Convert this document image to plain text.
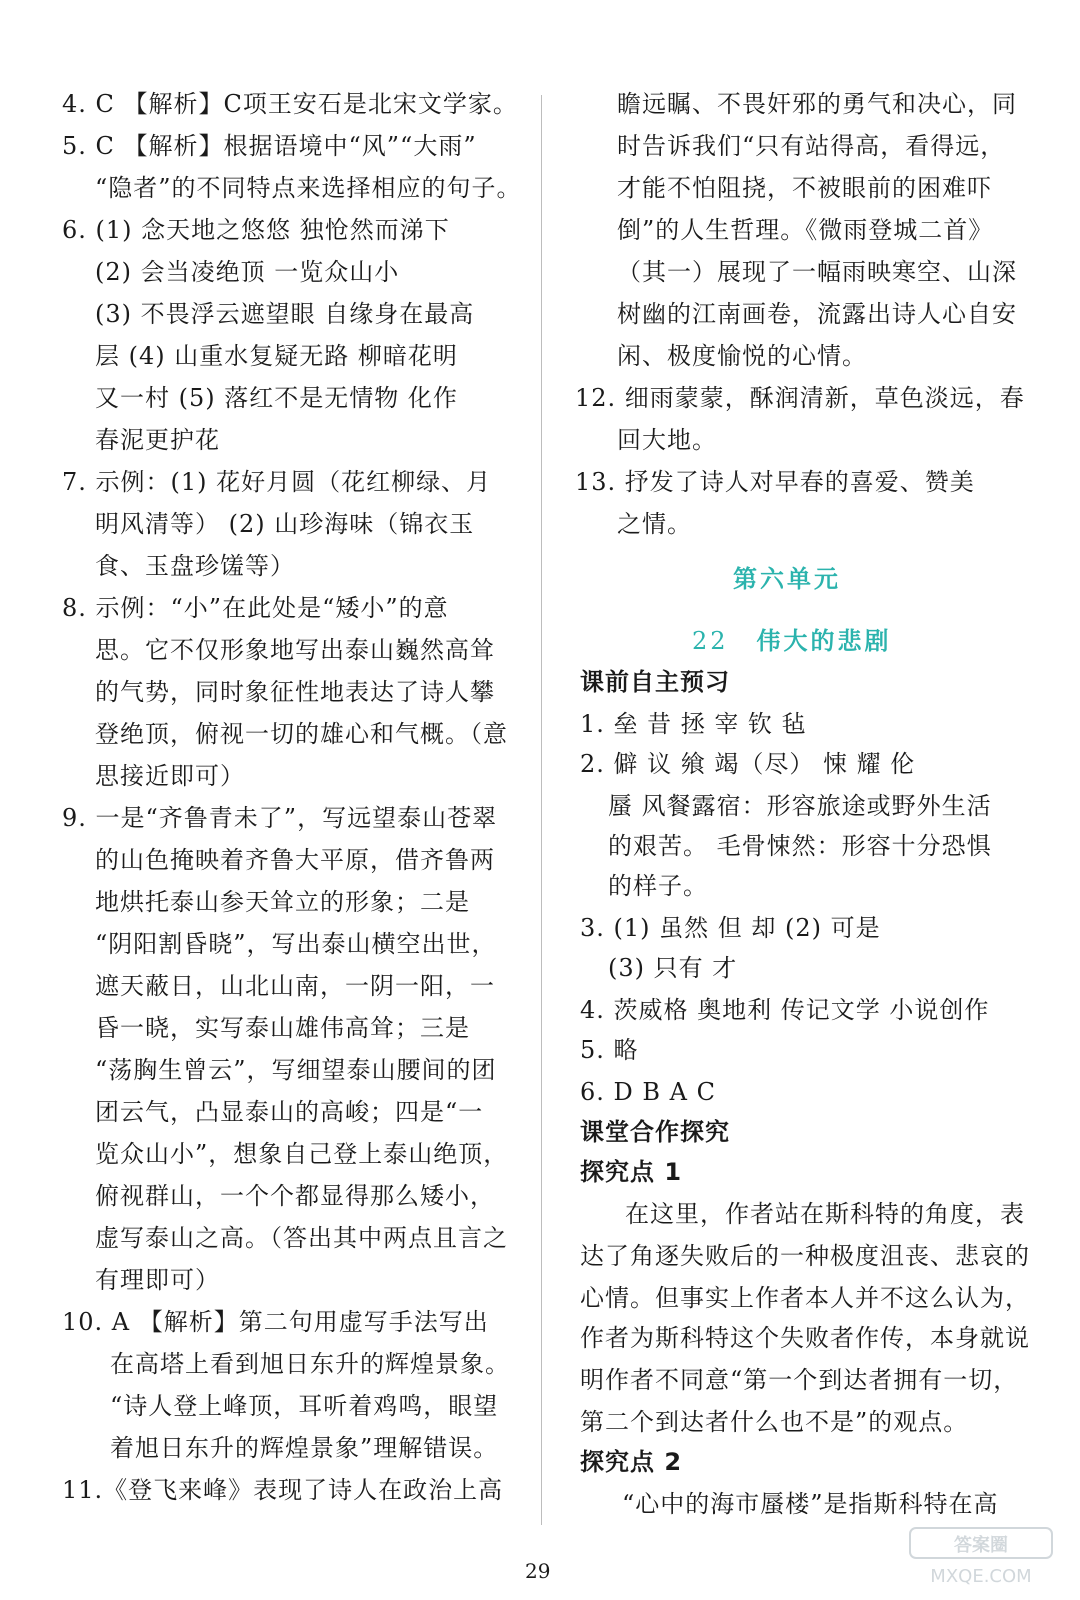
第六单元
22 伟大的悲剧
29
答案圈
MXQE.COM
4. C 【解析】C项王安石是北宋文学家。
5. C 【解析】根据语境中“风”“大雨”
“隐者”的不同特点来选择相应的句子。
6. (1) 念天地之悠悠 独怆然而涕下
(2) 会当凌绝顶 一览众山小
(3) 不畏浮云遮望眼 自缘身在最高
层 (4) 山重水复疑无路 柳暗花明
又一村 (5) 落红不是无情物 化作
春泥更护花
7. 示例：(1) 花好月圆（花红柳绿、月
明风清等） (2) 山珍海味（锦衣玉
食、玉盘珍馐等）
8. 示例：“小”在此处是“矮小”的意
思。它不仅形象地写出泰山巍然高耸
的气势，同时象征性地表达了诗人攀
登绝顶，俯视一切的雄心和气概。（意
思接近即可）
9. 一是“齐鲁青未了”，写远望泰山苍翠
的山色掩映着齐鲁大平原，借齐鲁两
地烘托泰山参天耸立的形象；二是
“阴阳割昏晓”，写出泰山横空出世，
遮天蔽日，山北山南，一阴一阳，一
昏一晓，实写泰山雄伟高耸；三是
“荡胸生曾云”，写细望泰山腰间的团
团云气，凸显泰山的高峻；四是“一
览众山小”，想象自己登上泰山绝顶，
俯视群山，一个个都显得那么矮小，
虚写泰山之高。（答出其中两点且言之
有理即可）
10. A 【解析】第二句用虚写手法写出
在高塔上看到旭日东升的辉煌景象。
“诗人登上峰顶，耳听着鸡鸣，眼望
着旭日东升的辉煌景象”理解错误。
11.《登飞来峰》表现了诗人在政治上高
瞻远瞩、不畏奸邪的勇气和决心，同
时告诉我们“只有站得高，看得远，
才能不怕阻挠，不被眼前的困难吓
倒”的人生哲理。《微雨登城二首》
（其一）展现了一幅雨映寒空、山深
树幽的江南画卷，流露出诗人心自安
闲、极度愉悦的心情。
12. 细雨蒙蒙，酥润清新，草色淡远，春
回大地。
13. 抒发了诗人对早春的喜爱、赞美
之情。
课前自主预习
1. 垒 昔 拯 宰 钦 毡
2. 僻 议 飨 竭（尽） 悚 耀 伦
蜃 风餐露宿：形容旅途或野外生活
的艰苦。 毛骨悚然：形容十分恐惧
的样子。
3. (1) 虽然 但 却 (2) 可是
(3) 只有 才
4. 茨威格 奥地利 传记文学 小说创作
5. 略
6. D B A C
课堂合作探究
探究点 1
在这里，作者站在斯科特的角度，表
达了角逐失败后的一种极度沮丧、悲哀的
心情。但事实上作者本人并不这么认为，
作者为斯科特这个失败者作传，本身就说
明作者不同意“第一个到达者拥有一切，
第二个到达者什么也不是”的观点。
探究点 2
“心中的海市蜃楼”是指斯科特在高
